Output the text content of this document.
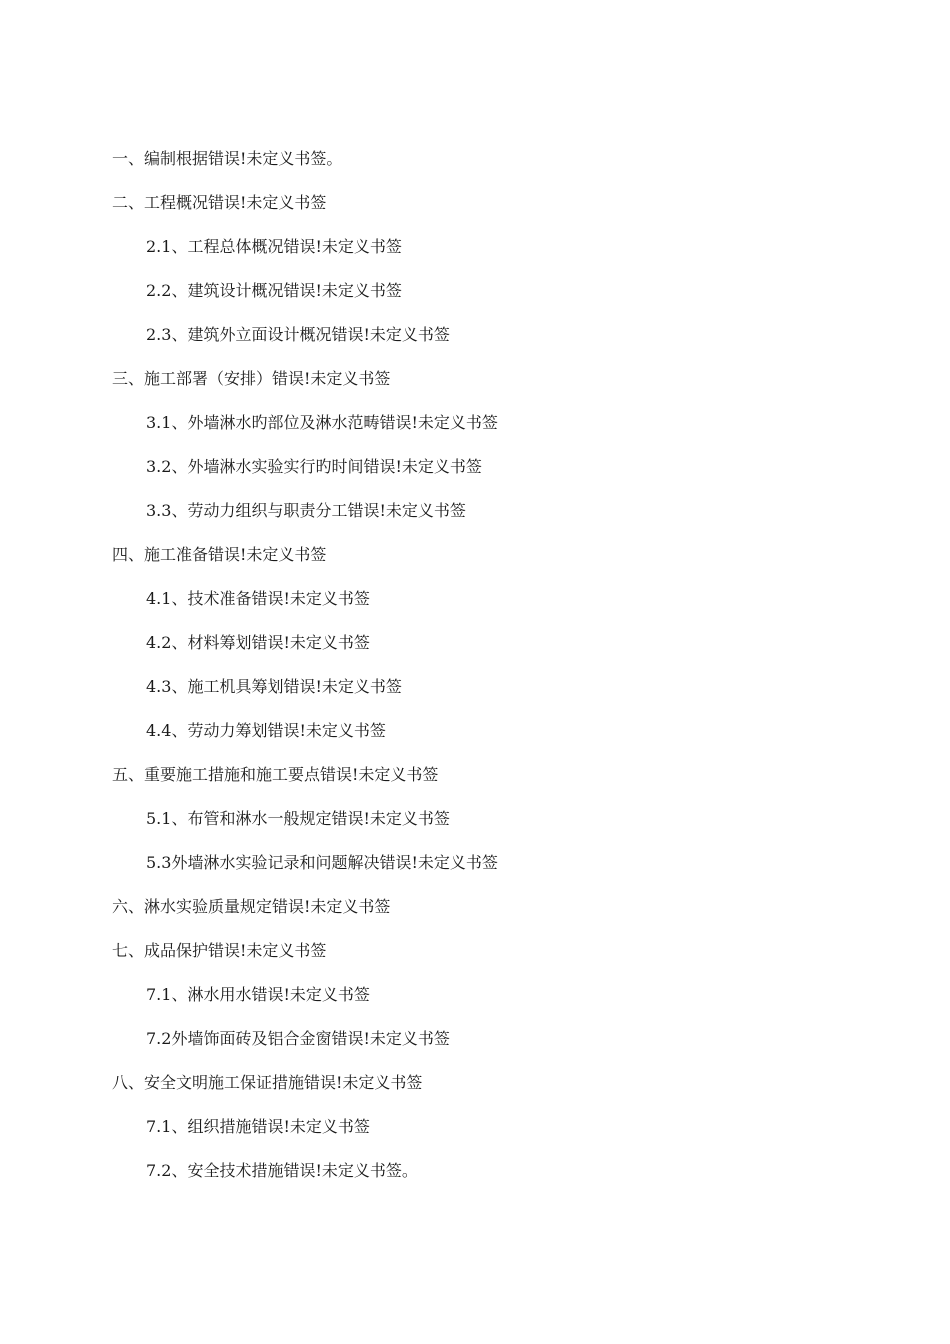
一、编制根据错误!未定义书签。
二、工程概况错误!未定义书签
2.1、工程总体概况错误!未定义书签
2.2、建筑设计概况错误!未定义书签
2.3、建筑外立面设计概况错误!未定义书签
三、施工部署（安排）错误!未定义书签
3.1、外墙淋水旳部位及淋水范畴错误!未定义书签
3.2、外墙淋水实验实行旳时间错误!未定义书签
3.3、劳动力组织与职责分工错误!未定义书签
四、施工准备错误!未定义书签
4.1、技术准备错误!未定义书签
4.2、材料筹划错误!未定义书签
4.3、施工机具筹划错误!未定义书签
4.4、劳动力筹划错误!未定义书签
五、重要施工措施和施工要点错误!未定义书签
5.1、布管和淋水一般规定错误!未定义书签
5.3外墙淋水实验记录和问题解决错误!未定义书签
六、淋水实验质量规定错误!未定义书签
七、成品保护错误!未定义书签
7.1、淋水用水错误!未定义书签
7.2外墙饰面砖及铝合金窗错误!未定义书签
八、安全文明施工保证措施错误!未定义书签
7.1、组织措施错误!未定义书签
7.2、安全技术措施错误!未定义书签。
